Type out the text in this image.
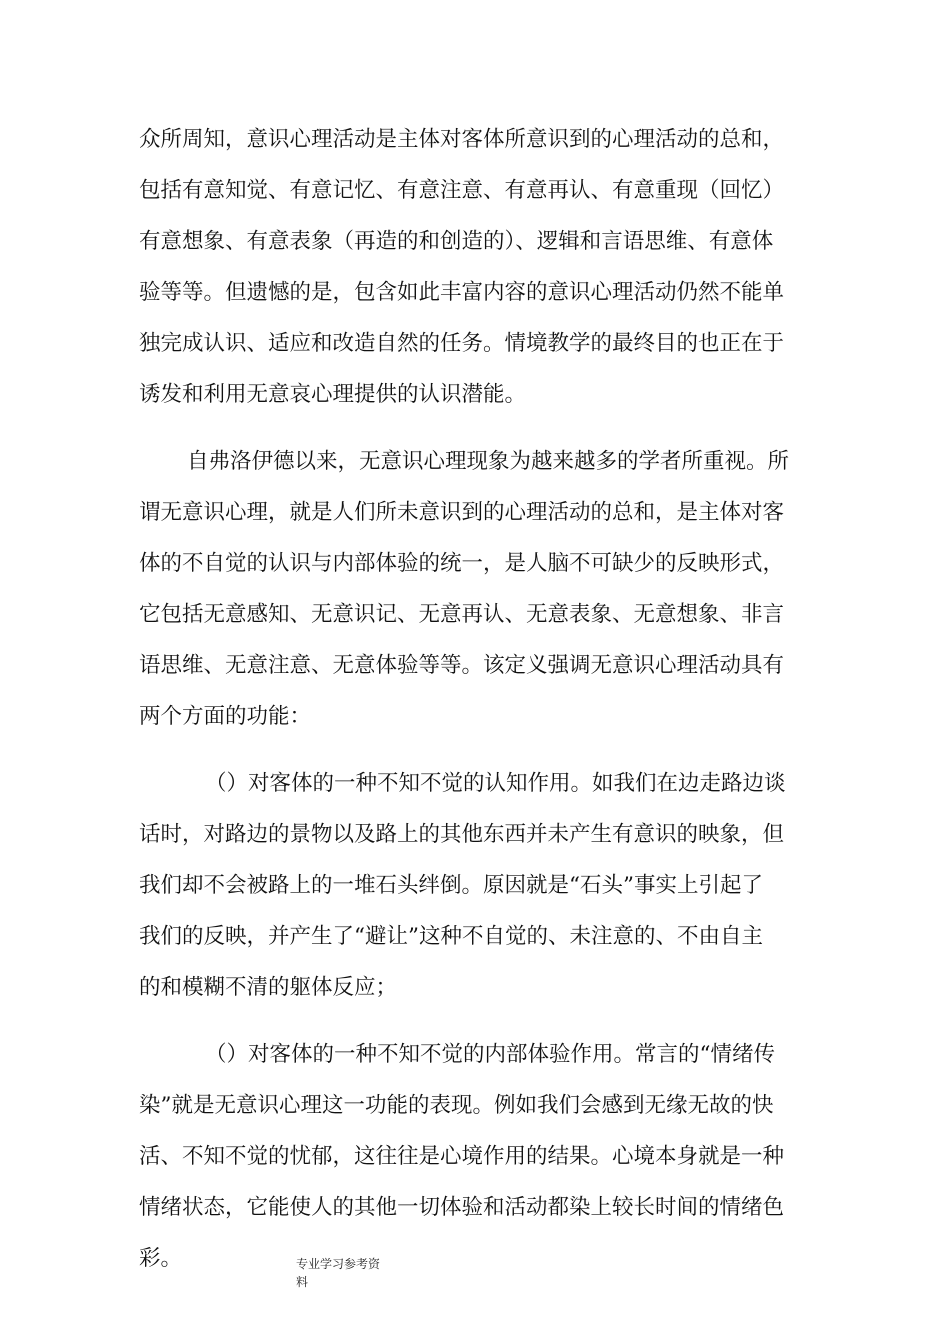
众所周知，意识心理活动是主体对客体所意识到的心理活动的总和，
包括有意知觉、有意记忆、有意注意、有意再认、有意重现（回忆）
有意想象、有意表象（再造的和创造的）、逻辑和言语思维、有意体
验等等。但遗憾的是，包含如此丰富内容的意识心理活动仍然不能单
独完成认识、适应和改造自然的任务。情境教学的最终目的也正在于
诱发和利用无意哀心理提供的认识潜能。
自弗洛伊德以来，无意识心理现象为越来越多的学者所重视。所
谓无意识心理，就是人们所未意识到的心理活动的总和，是主体对客
体的不自觉的认识与内部体验的统一，是人脑不可缺少的反映形式，
它包括无意感知、无意识记、无意再认、无意表象、无意想象、非言
语思维、无意注意、无意体验等等。该定义强调无意识心理活动具有
两个方面的功能：
（）对客体的一种不知不觉的认知作用。如我们在边走路边谈
话时，对路边的景物以及路上的其他东西并未产生有意识的映象，但
我们却不会被路上的一堆石头绊倒。原因就是“石头”事实上引起了
我们的反映，并产生了“避让”这种不自觉的、未注意的、不由自主
的和模糊不清的躯体反应；
（）对客体的一种不知不觉的内部体验作用。常言的“情绪传
染”就是无意识心理这一功能的表现。例如我们会感到无缘无故的快
活、不知不觉的忧郁，这往往是心境作用的结果。心境本身就是一种
情绪状态，它能使人的其他一切体验和活动都染上较长时间的情绪色
彩。	专业学习参考资
料
